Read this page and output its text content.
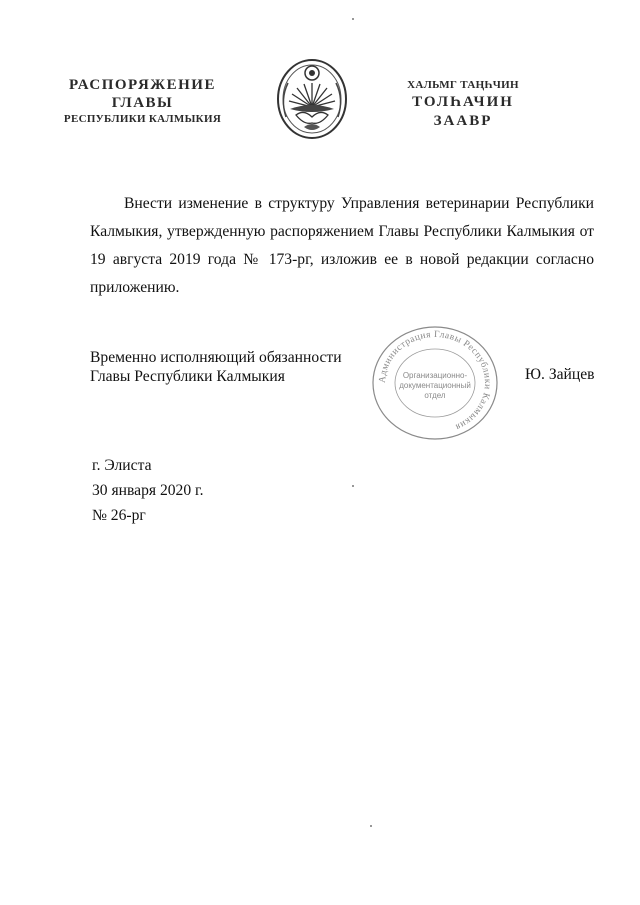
РАСПОРЯЖЕНИЕ
ГЛАВЫ
РЕСПУБЛИКИ КАЛМЫКИЯ
ХАЛЬМГ ТАҢҺЧИН
ТОЛҺАЧИН
ЗААВР
Внести изменение в структуру Управления ветеринарии Республики Калмыкия, утвержденную распоряжением Главы Республики Калмыкия от 19 августа 2019 года № 173-рг, изложив ее в новой редакции согласно приложению.
Временно исполняющий обязанности
Главы Республики Калмыкия	Ю. Зайцев
Администрация Главы Республики Калмыкия
Организационно-
документационный
отдел
г. Элиста
30 января 2020 г.
№ 26-рг
